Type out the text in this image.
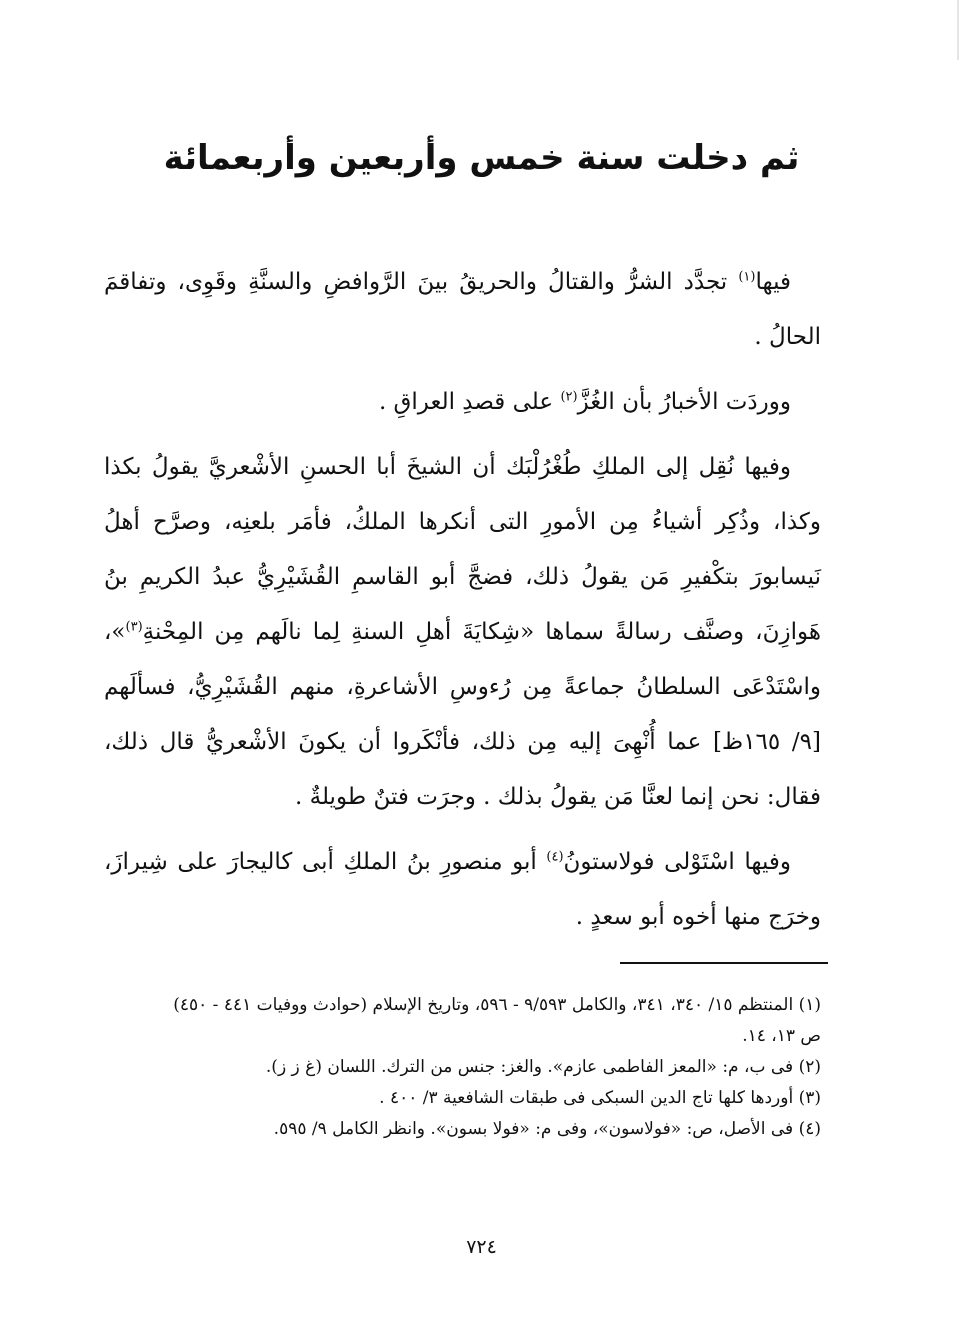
ثم دخلت سنة خمس وأربعين وأربعمائة

فيها$^{(١)}$ تجدَّد الشرُّ والقتالُ والحريقُ بينَ الرَّوافضِ والسنَّةِ وقَوِى، وتفاقمَ الحالُ .

ووردَت الأخبارُ بأن الغُزَّ$^{(٢)}$ على قصدِ العراقِ .

وفيها نُقِل إلى الملكِ طُغْرُلْبَك أن الشيخَ أبا الحسنِ الأشْعريَّ يقولُ بكذا وكذا، وذُكِر أشياءُ مِن الأمورِ التى أنكرها الملكُ، فأمَر بلعنِه، وصرَّح أهلُ نَيسابورَ بتكْفيرِ مَن يقولُ ذلك، فضجَّ أبو القاسمِ القُشَيْرِيُّ عبدُ الكريمِ بنُ هَوازِنَ، وصنَّف رسالةً سماها «شِكايَةَ أهلِ السنةِ لِما نالَهم مِن المِحْنةِ$^{(٣)}$»، واسْتَدْعَى السلطانُ جماعةً مِن رُءوسِ الأشاعرةِ، منهم القُشَيْرِيُّ، فسألَهم [٩/ ١٦٥ظ] عما أُنْهِىَ إليه مِن ذلك، فأنْكَروا أن يكونَ الأشْعريُّ قال ذلك، فقال: نحن إنما لعنَّا مَن يقولُ بذلك . وجرَت فتنٌ طويلةٌ .

وفيها اسْتَوْلى فولاستونُ$^{(٤)}$ أبو منصورِ بنُ الملكِ أبى كاليجارَ على شِيرازَ، وخرَج منها أخوه أبو سعدٍ .

(١) المنتظم ١٥/ ٣٤٠، ٣٤١، والكامل ٩/٥٩٣ - ٥٩٦، وتاريخ الإسلام (حوادث ووفيات ٤٤١ - ٤٥٠) ص ١٣، ١٤.

(٢) فى ب، م: «المعز الفاطمى عازم». والغز: جنس من الترك. اللسان (غ ز ز).

(٣) أوردها كلها تاج الدين السبكى فى طبقات الشافعية ٣/ ٤٠٠ .

(٤) فى الأصل، ص: «فولاسون»، وفى م: «فولا بسون». وانظر الكامل ٩/ ٥٩٥.

٧٢٤
